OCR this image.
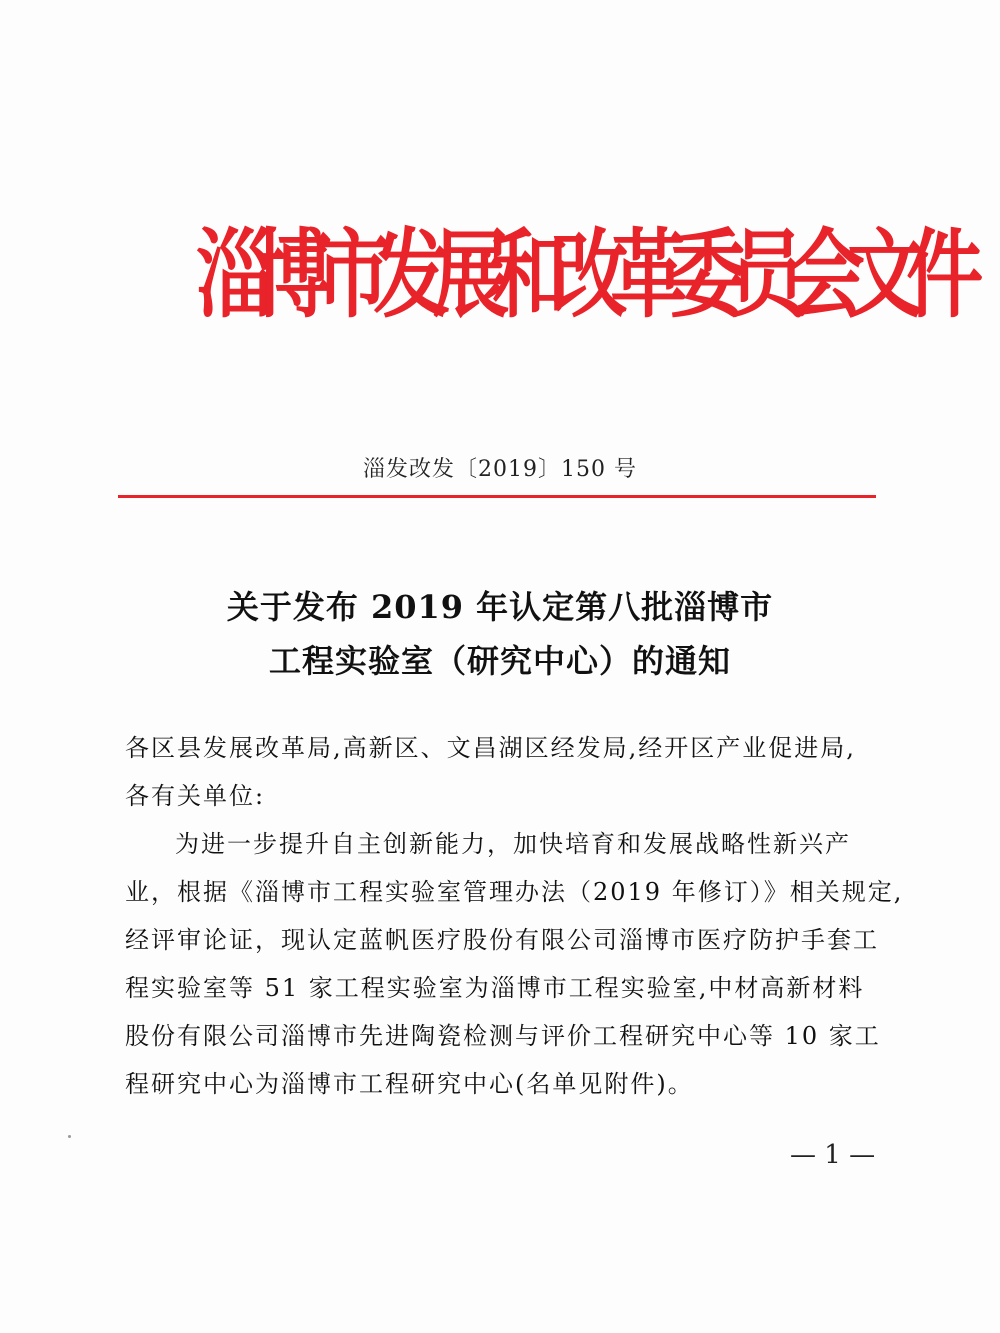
淄博市发展和改革委员会文件
淄发改发〔2019〕150 号
关于发布 2019 年认定第八批淄博市
工程实验室（研究中心）的通知
各区县发展改革局,高新区、文昌湖区经发局,经开区产业促进局,
各有关单位:
为进一步提升自主创新能力，加快培育和发展战略性新兴产
业，根据《淄博市工程实验室管理办法（2019 年修订）》相关规定,
经评审论证，现认定蓝帆医疗股份有限公司淄博市医疗防护手套工
程实验室等 51 家工程实验室为淄博市工程实验室,中材高新材料
股份有限公司淄博市先进陶瓷检测与评价工程研究中心等 10 家工
程研究中心为淄博市工程研究中心(名单见附件)。
— 1 —
